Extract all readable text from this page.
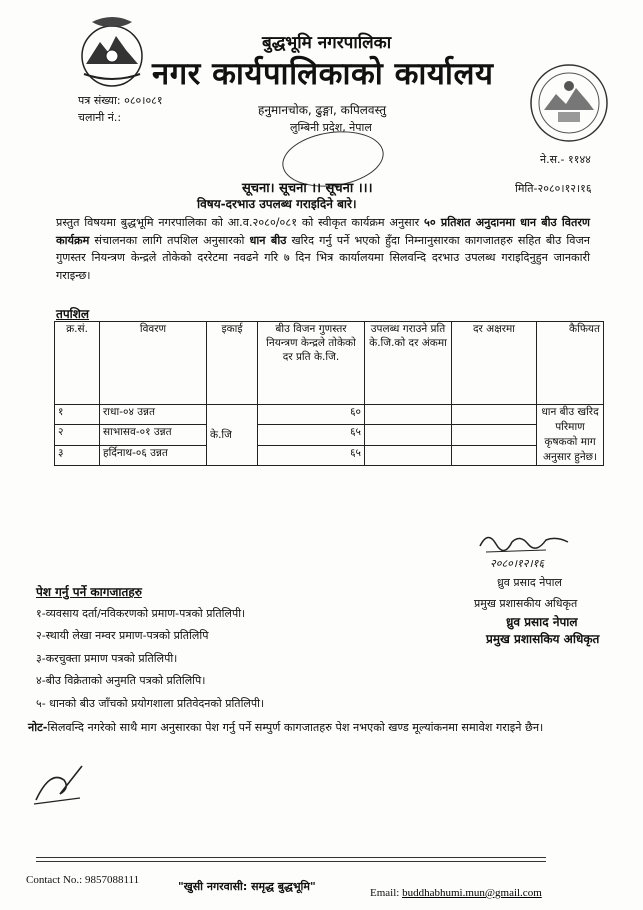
बुद्धभूमि नगरपालिका
नगर कार्यपालिकाको कार्यालय
हनुमानचोक, ढुङ्गा, कपिलवस्तु
लुम्बिनी प्रदेश, नेपाल
पत्र संख्या: ०८०।०८१
चलानी नं.:
ने.स.- ११४४
सूचना। सूचना ।। सूचना ।।।	मिति-२०८०।१२।१६
विषय-दरभाउ उपलब्ध गराइदिने बारे।
प्रस्तुत विषयमा बुद्धभूमि नगरपालिका को आ.व.२०८०/०८१ को स्वीकृत कार्यक्रम अनुसार ५० प्रतिशत अनुदानमा धान बीउ वितरण कार्यक्रम संचालनका लागि तपशिल अनुसारको धान बीउ खरिद गर्नु पर्ने भएको हुँदा निम्नानुसारका कागजातहरु सहित बीउ विजन गुणस्तर नियन्त्रण केन्द्रले तोकेको दररेटमा नवढने गरि ७ दिन भित्र कार्यालयमा सिलवन्दि दरभाउ उपलब्ध गराइदिनुहुन जानकारी गराइन्छ।
तपशिल
क्र.सं.	विवरण	इकाई	बीउ विजन गुणस्तर नियन्त्रण केन्द्रले तोकेको दर प्रति के.जि.	उपलब्ध गराउने प्रति के.जि.को दर अंकमा	दर अक्षरमा	कैफियत
१	राधा-०४ उन्नत	के.जि	६०			धान बीउ खरिद परिमाण कृषकको माग अनुसार हुनेछ।
२	साभासव-०१ उन्नत		६५			
३	हर्दिनाथ-०६ उन्नत		६५			
२०८०।१२।१६
ध्रुव प्रसाद नेपाल
प्रमुख प्रशासकीय अधिकृत
ध्रुव प्रसाद नेपाल
प्रमुख प्रशासकिय अधिकृत
पेश गर्नु पर्ने कागजातहरु
१-व्यवसाय दर्ता/नविकरणको प्रमाण-पत्रको प्रतिलिपी।
२-स्थायी लेखा नम्वर प्रमाण-पत्रको प्रतिलिपि
३-करचुक्ता प्रमाण पत्रको प्रतिलिपी।
४-बीउ विक्रेताको अनुमति पत्रको प्रतिलिपि।
५- धानको बीउ जाँचको प्रयोगशाला प्रतिवेदनको प्रतिलिपी।
नोट-सिलवन्दि नगरेको साथै माग अनुसारका पेश गर्नु पर्ने सम्पुर्ण कागजातहरु पेश नभएको खण्ड मूल्यांकनमा समावेश गराइने छैन।
Contact No.: 9857088111	"खुसी नगरवासी: समृद्ध बुद्धभूमि"	Email: buddhabhumi.mun@gmail.com
